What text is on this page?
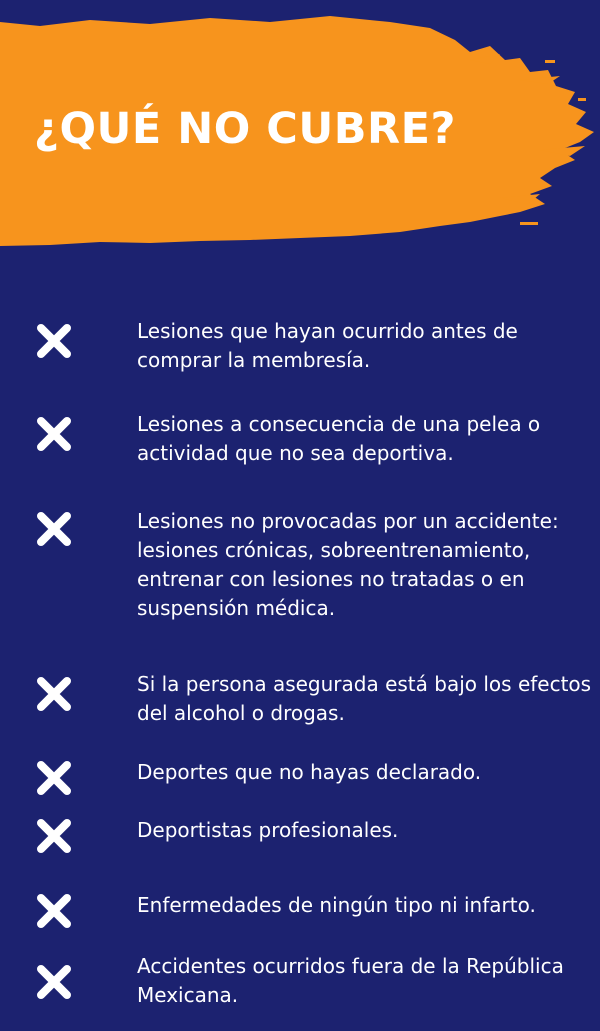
¿QUÉ NO CUBRE?
Lesiones que hayan ocurrido antes de comprar la membresía.
Lesiones a consecuencia de una pelea o actividad que no sea deportiva.
Lesiones no provocadas por un accidente: lesiones crónicas, sobreentrenamiento, entrenar con lesiones no tratadas o en suspensión médica.
Si la persona asegurada está bajo los efectos del alcohol o drogas.
Deportes que no hayas declarado.
Deportistas profesionales.
Enfermedades de ningún tipo ni infarto.
Accidentes ocurridos fuera de la República Mexicana.
